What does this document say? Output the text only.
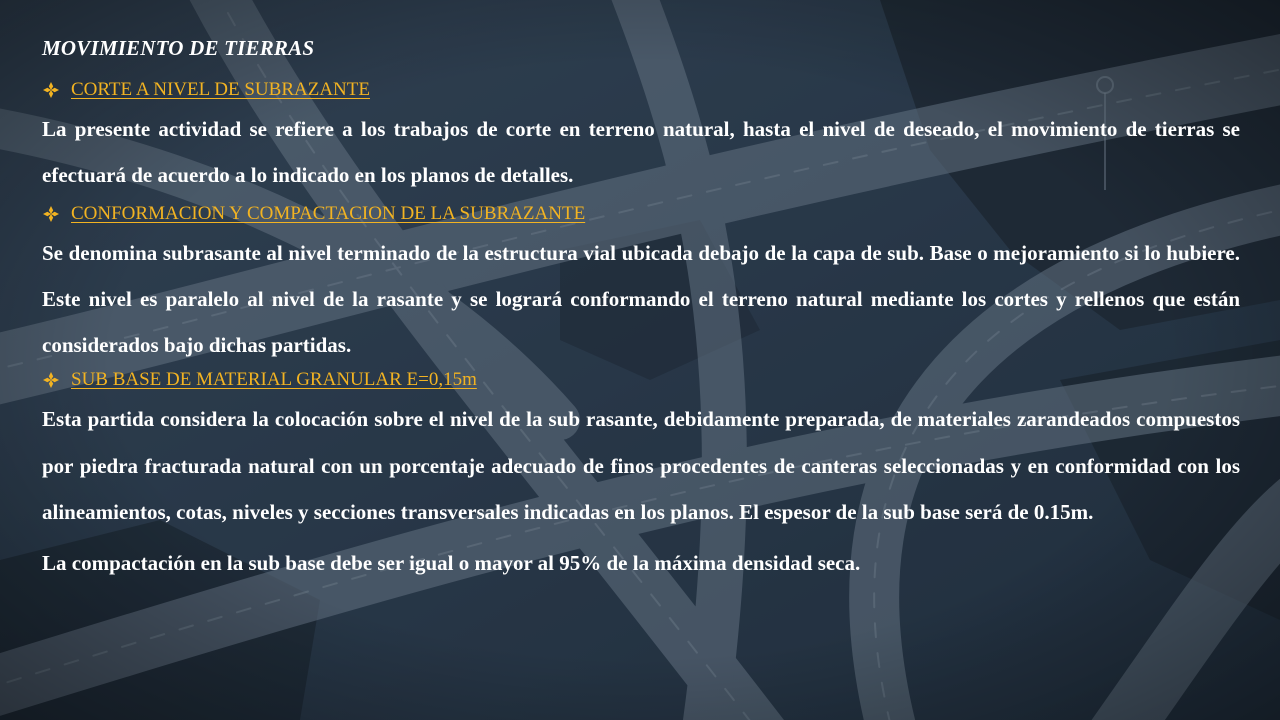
MOVIMIENTO DE TIERRAS
CORTE A NIVEL DE SUBRAZANTE

La presente actividad se refiere a los trabajos de corte en terreno natural, hasta el nivel de deseado, el movimiento de tierras se efectuará de acuerdo a lo indicado en los planos de detalles.

CONFORMACION Y COMPACTACION DE LA SUBRAZANTE

Se denomina subrasante al nivel terminado de la estructura vial ubicada debajo de la capa de sub. Base o mejoramiento si lo hubiere. Este nivel es paralelo al nivel de la rasante y se logrará conformando el terreno natural mediante los cortes y rellenos que están considerados bajo dichas partidas.

SUB BASE DE MATERIAL GRANULAR E=0,15m

Esta partida considera la colocación sobre el nivel de la sub rasante, debidamente preparada, de materiales zarandeados compuestos por piedra fracturada natural con un porcentaje adecuado de finos procedentes de canteras seleccionadas y en conformidad con los alineamientos, cotas, niveles y secciones transversales indicadas en los planos. El espesor de la sub base será de 0.15m.

La compactación en la sub base debe ser igual o mayor al 95% de la máxima densidad seca.
